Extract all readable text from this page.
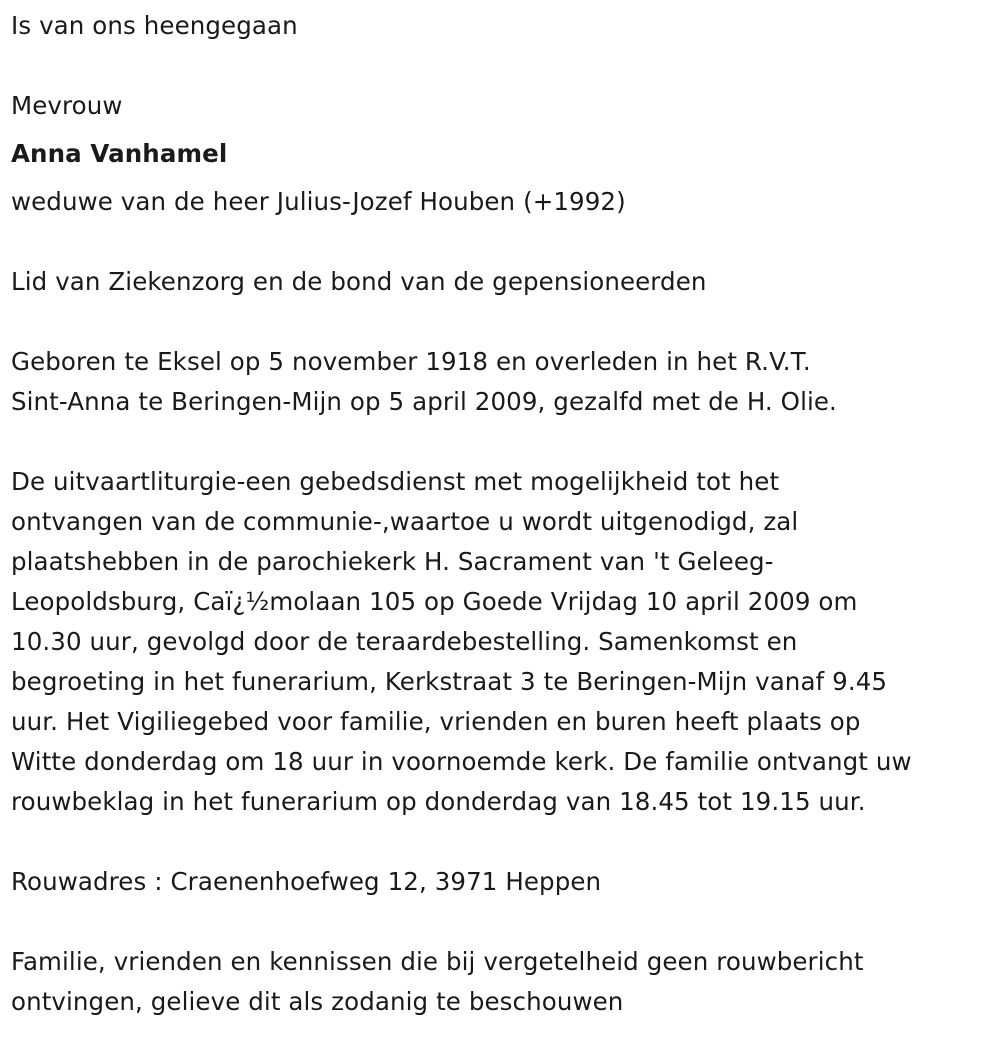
Is van ons heengegaan

Mevrouw

Anna Vanhamel

weduwe van de heer Julius-Jozef Houben (+1992)

Lid van Ziekenzorg en de bond van de gepensioneerden

Geboren te Eksel op 5 november 1918 en overleden in het R.V.T.

Sint-Anna te Beringen-Mijn op 5 april 2009, gezalfd met de H. Olie.

De uitvaartliturgie-een gebedsdienst met mogelijkheid tot het

ontvangen van de communie-,waartoe u wordt uitgenodigd, zal

plaatshebben in de parochiekerk H. Sacrament van 't Geleeg-

Leopoldsburg, Caï¿½molaan 105 op Goede Vrijdag 10 april 2009 om

10.30 uur, gevolgd door de teraardebestelling. Samenkomst en

begroeting in het funerarium, Kerkstraat 3 te Beringen-Mijn vanaf 9.45

uur. Het Vigiliegebed voor familie, vrienden en buren heeft plaats op

Witte donderdag om 18 uur in voornoemde kerk. De familie ontvangt uw

rouwbeklag in het funerarium op donderdag van 18.45 tot 19.15 uur.

Rouwadres : Craenenhoefweg 12, 3971 Heppen

Familie, vrienden en kennissen die bij vergetelheid geen rouwbericht

ontvingen, gelieve dit als zodanig te beschouwen
